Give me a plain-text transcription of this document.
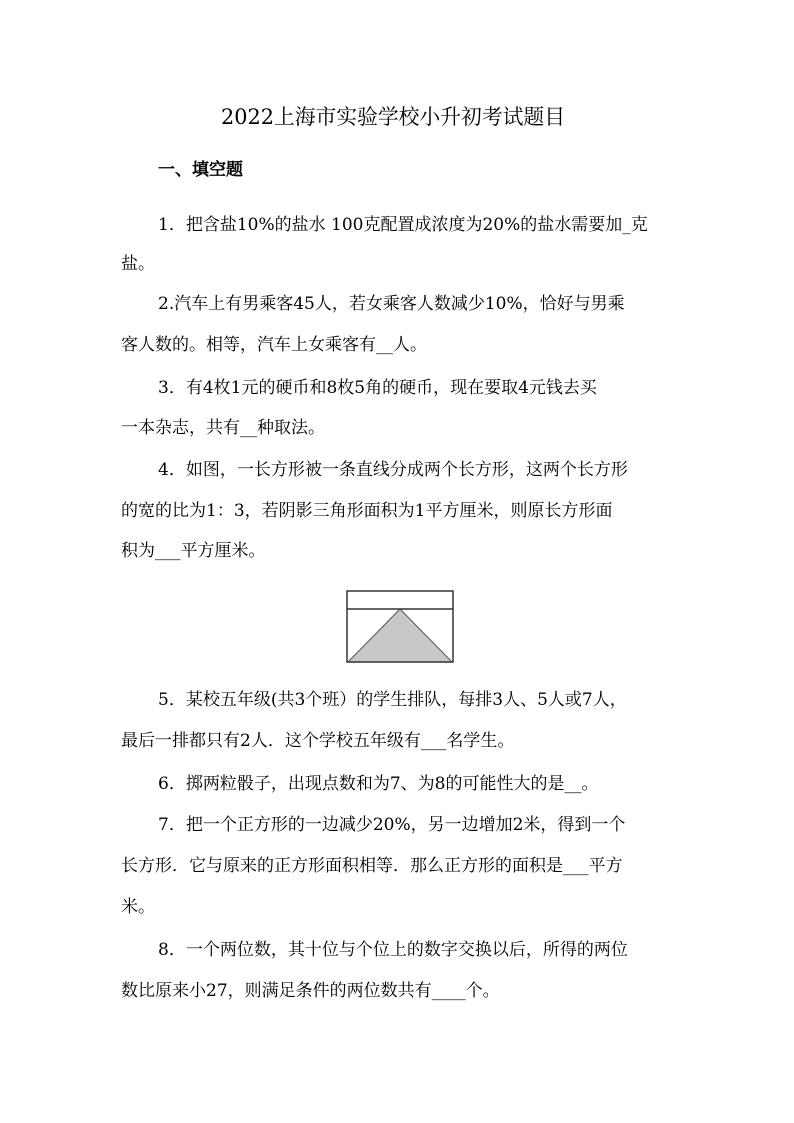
2022上海市实验学校小升初考试题目
一、填空题
1．把含盐10%的盐水 100克配置成浓度为20%的盐水需要加_克
盐。
2.汽车上有男乘客45人，若女乘客人数减少10%，恰好与男乘
客人数的。相等，汽车上女乘客有__人。
3．有4枚1元的硬币和8枚5角的硬币，现在要取4元钱去买
一本杂志，共有__种取法。
4．如图，一长方形被一条直线分成两个长方形，这两个长方形
的宽的比为1：3，若阴影三角形面积为1平方厘米，则原长方形面
积为___平方厘米。
5．某校五年级(共3个班）的学生排队，每排3人、5人或7人，
最后一排都只有2人．这个学校五年级有___名学生。
6．掷两粒骰子，出现点数和为7、为8的可能性大的是__。
7．把一个正方形的一边减少20%，另一边增加2米，得到一个
长方形．它与原来的正方形面积相等．那么正方形的面积是___平方
米。
8．一个两位数，其十位与个位上的数字交换以后，所得的两位
数比原来小27，则满足条件的两位数共有____个。
